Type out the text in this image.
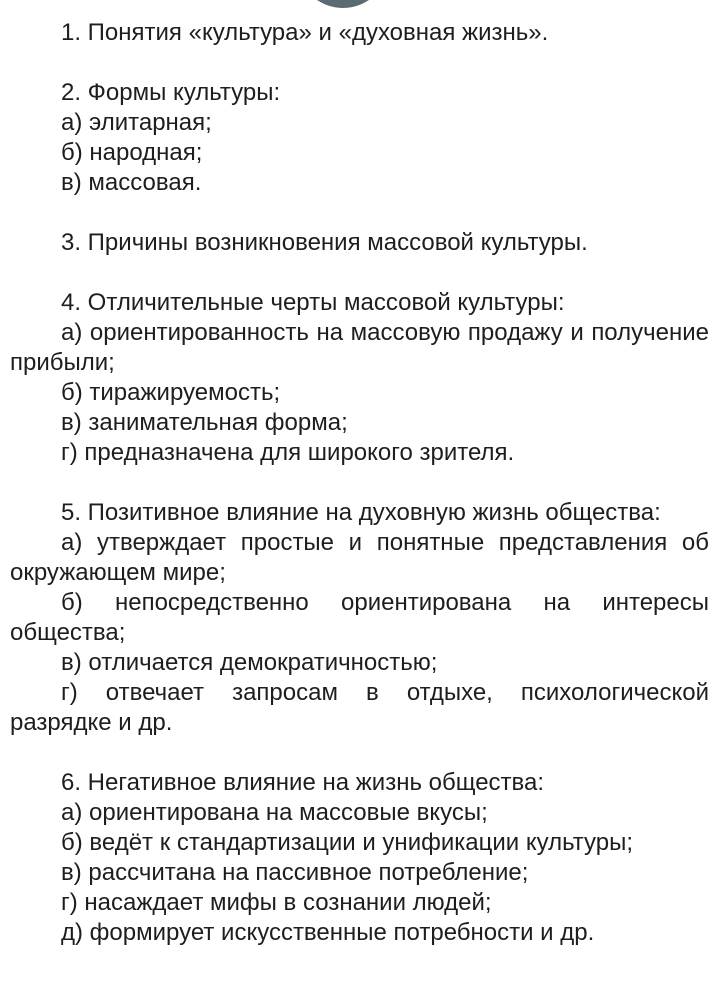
1. Понятия «культура» и «духовная жизнь».

2. Формы культуры:

а) элитарная;

б) народная;

в) массовая.

3. Причины возникновения массовой культуры.

4. Отличительные черты массовой культуры:

а) ориентированность на массовую продажу и получение прибыли;

б) тиражируемость;

в) занимательная форма;

г) предназначена для широкого зрителя.

5. Позитивное влияние на духовную жизнь общества:

а) утверждает простые и понятные представления об окружающем мире;

б) непосредственно ориентирована на интересы общества;

в) отличается демократичностью;

г) отвечает запросам в отдыхе, психологической разрядке и др.

6. Негативное влияние на жизнь общества:

а) ориентирована на массовые вкусы;

б) ведёт к стандартизации и унификации культуры;

в) рассчитана на пассивное потребление;

г) насаждает мифы в сознании людей;

д) формирует искусственные потребности и др.
